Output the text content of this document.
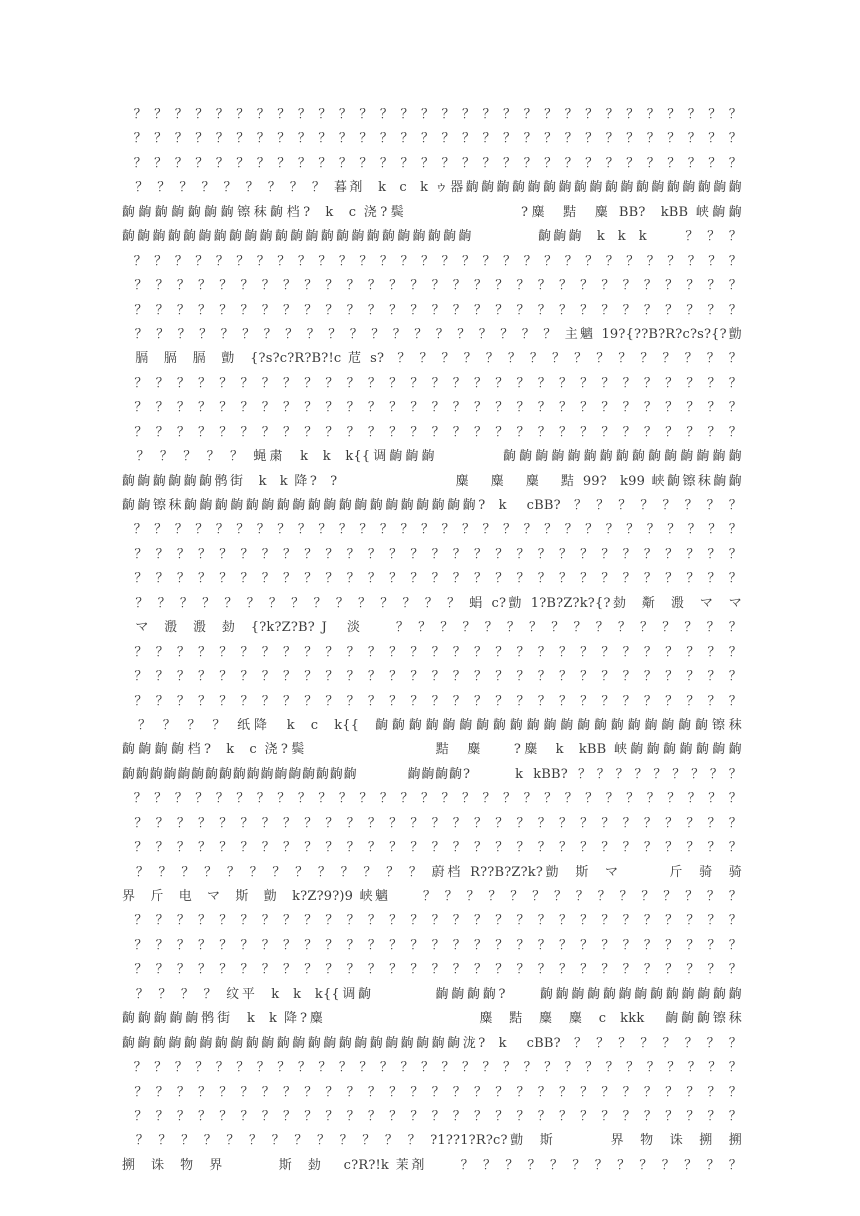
？ ？ ？ ？ ？ ？ ？ ？ ？ ？ ？ ？ ？ ？ ？ ？ ？ ？ ？ ？ ？ ？ ？ ？ ？ ？ ？ ？ ？ ？
？ ？ ？ ？ ？ ？ ？ ？ ？ ？ ？ ？ ？ ？ ？ ？ ？ ？ ？ ？ ？ ？ ？ ？ ？ ？ ？ ？ ？ ？
？ ？ ？ ？ ？ ？ ？ ？ ？ ？ ？ ？ ？ ？ ？ ？ ？ ？ ？ ？ ？ ？ ？ ？ ？ ？ ？ ？ ？ ？
？ ？ ？ ？ ？ ？ ？ ？ ？ 暮剤  k  c  k ゥ器齣齣齣齣齣齣齣齣齣齣齣齣齣齣齣齣齣齣
齣齣齣齣齣齣齣镲秣齣档?  k  c 浇?鬓               ?麋  黠  麋 BB?  kBB 峡齣齣
齣齣齣齣齣齣齣齣齣齣齣齣齣齣齣齣齣齣齣齣齣齣齣          齣齣齣  k  k  k      ？ ？ ？
？ ？ ？ ？ ？ ？ ？ ？ ？ ？ ？ ？ ？ ？ ？ ？ ？ ？ ？ ？ ？ ？ ？ ？ ？ ？ ？ ？ ？ ？
？ ？ ？ ？ ？ ？ ？ ？ ？ ？ ？ ？ ？ ？ ？ ？ ？ ？ ？ ？ ？ ？ ？ ？ ？ ？ ？ ？ ？
？ ？ ？ ？ ？ ？ ？ ？ ？ ？ ？ ？ ？ ？ ？ ？ ？ ？ ？ ？ ？ ？ ？ ？ ？ ？ ？ ？ ？
？ ？ ？ ？ ？ ？ ？ ？ ？ ？ ？ ？ ？ ？ ？ ？ ？ ？ ？ ？ 主魑 19?{??B?R?c?s?{?勯
膈  膈  膈  勯  {?s?c?R?B?!c 苊 s?  ？ ？ ？ ？ ？ ？ ？ ？ ？ ？ ？ ？ ？ ？ ？ ？
？ ？ ？ ？ ？ ？ ？ ？ ？ ？ ？ ？ ？ ？ ？ ？ ？ ？ ？ ？ ？ ？ ？ ？ ？ ？ ？ ？ ？
？ ？ ？ ？ ？ ？ ？ ？ ？ ？ ？ ？ ？ ？ ？ ？ ？ ？ ？ ？ ？ ？ ？ ？ ？ ？ ？ ？ ？
？ ？ ？ ？ ？ ？ ？ ？ ？ ？ ？ ？ ？ ？ ？ ？ ？ ？ ？ ？ ？ ？ ？ ？ ？ ？ ？ ？ ？
？ ？ ？ ？ ？ 蝇粛  k  k  k{{调齣齣齣         齣齣齣齣齣齣齣齣齣齣齣齣齣齣齣
齣齣齣齣齣齣鹘街  k  k 降?  ?                  麋   麋   麋   黠 99?  k99 峡齣镲秣齣齣
齣齣镲秣齣齣齣齣齣齣齣齣齣齣齣齣齣齣齣齣齣齣齣?  k   cBB?  ？ ？ ？ ？ ？ ？ ？ ？
？ ？ ？ ？ ？ ？ ？ ？ ？ ？ ？ ？ ？ ？ ？ ？ ？ ？ ？ ？ ？ ？ ？ ？ ？ ？ ？ ？ ？ ？
？ ？ ？ ？ ？ ？ ？ ？ ？ ？ ？ ？ ？ ？ ？ ？ ？ ？ ？ ？ ？ ？ ？ ？ ？ ？ ？ ？ ？
？ ？ ？ ？ ？ ？ ？ ？ ？ ？ ？ ？ ？ ？ ？ ？ ？ ？ ？ ？ ？ ？ ？ ？ ？ ？ ？ ？ ？
？ ？ ？ ？ ？ ？ ？ ？ ？ ？ ？ ？ ？ ？ ？ 蜎 c?勯 1?B?Z?k?{?勎  斴  溵  マ  マ
マ  溵  溵  勎  {?k?Z?B? J   淡     ？ ？ ？ ？ ？ ？ ？ ？ ？ ？ ？ ？ ？ ？ ？ ？
？ ？ ？ ？ ？ ？ ？ ？ ？ ？ ？ ？ ？ ？ ？ ？ ？ ？ ？ ？ ？ ？ ？ ？ ？ ？ ？ ？ ？
？ ？ ？ ？ ？ ？ ？ ？ ？ ？ ？ ？ ？ ？ ？ ？ ？ ？ ？ ？ ？ ？ ？ ？ ？ ？ ？ ？ ？
？ ？ ？ ？ ？ ？ ？ ？ ？ ？ ？ ？ ？ ？ ？ ？ ？ ？ ？ ？ ？ ？ ？ ？ ？ ？ ？ ？ ？
？ ？ ？ ？ 纸降  k  c  k{{  齣齣齣齣齣齣齣齣齣齣齣齣齣齣齣齣齣齣齣齣镲秣
齣齣齣齣档?  k  c 浇?鬓                 黠  麋    ?麋  k  kBB 峡齣齣齣齣齣齣齣
齣齣齣齣齣齣齣齣齣齣齣齣齣齣齣齣齣          齣齣齣齣?         k  kBB?  ？ ？ ？ ？ ？ ？ ？ ？ ？
？ ？ ？ ？ ？ ？ ？ ？ ？ ？ ？ ？ ？ ？ ？ ？ ？ ？ ？ ？ ？ ？ ？ ？ ？ ？ ？ ？ ？ ？
？ ？ ？ ？ ？ ？ ？ ？ ？ ？ ？ ？ ？ ？ ？ ？ ？ ？ ？ ？ ？ ？ ？ ？ ？ ？ ？ ？ ？
？ ？ ？ ？ ？ ？ ？ ？ ？ ？ ？ ？ ？ ？ ？ ？ ？ ？ ？ ？ ？ ？ ？ ？ ？ ？ ？ ？ ？
？ ？ ？ ？ ？ ？ ？ ？ ？ ？ ？ ？ ？ 蔚档 R??B?Z?k?勯  斯  マ       斤  骑  骑
界  斤  电  マ  斯  勯  k?Z?9?)9 峡魑     ？ ？ ？ ？ ？ ？ ？ ？ ？ ？ ？ ？ ？ ？ ？
？ ？ ？ ？ ？ ？ ？ ？ ？ ？ ？ ？ ？ ？ ？ ？ ？ ？ ？ ？ ？ ？ ？ ？ ？ ？ ？ ？ ？
？ ？ ？ ？ ？ ？ ？ ？ ？ ？ ？ ？ ？ ？ ？ ？ ？ ？ ？ ？ ？ ？ ？ ？ ？ ？ ？ ？ ？
？ ？ ？ ？ ？ ？ ？ ？ ？ ？ ？ ？ ？ ？ ？ ？ ？ ？ ？ ？ ？ ？ ？ ？ ？ ？ ？ ？ ？
？ ？ ？ ？ 纹平  k  k  k{{调齣         齣齣齣齣?     齣齣齣齣齣齣齣齣齣齣齣齣齣
齣齣齣齣齣鹘街  k  k 降?麋                      麋  黠  麋  麋  c  kkk   齣齣齣镲秣
齣齣齣齣齣齣齣齣齣齣齣齣齣齣齣齣齣齣齣齣齣齣泷?  k   cBB?  ？ ？ ？ ？ ？ ？ ？ ？
？ ？ ？ ？ ？ ？ ？ ？ ？ ？ ？ ？ ？ ？ ？ ？ ？ ？ ？ ？ ？ ？ ？ ？ ？ ？ ？ ？ ？ ？
？ ？ ？ ？ ？ ？ ？ ？ ？ ？ ？ ？ ？ ？ ？ ？ ？ ？ ？ ？ ？ ？ ？ ？ ？ ？ ？ ？ ？
？ ？ ？ ？ ？ ？ ？ ？ ？ ？ ？ ？ ？ ？ ？ ？ ？ ？ ？ ？ ？ ？ ？ ？ ？ ？ ？ ？ ？
？ ？ ？ ？ ？ ？ ？ ？ ？ ？ ？ ？ ？ ?1??1?R?c?勯  斯        界  物  诛  搠  搠
搠  诛  物  界        斯  勎   c?R?!k 茉剤     ？ ？ ？ ？ ？ ？ ？ ？ ？ ？ ？ ？ ？
